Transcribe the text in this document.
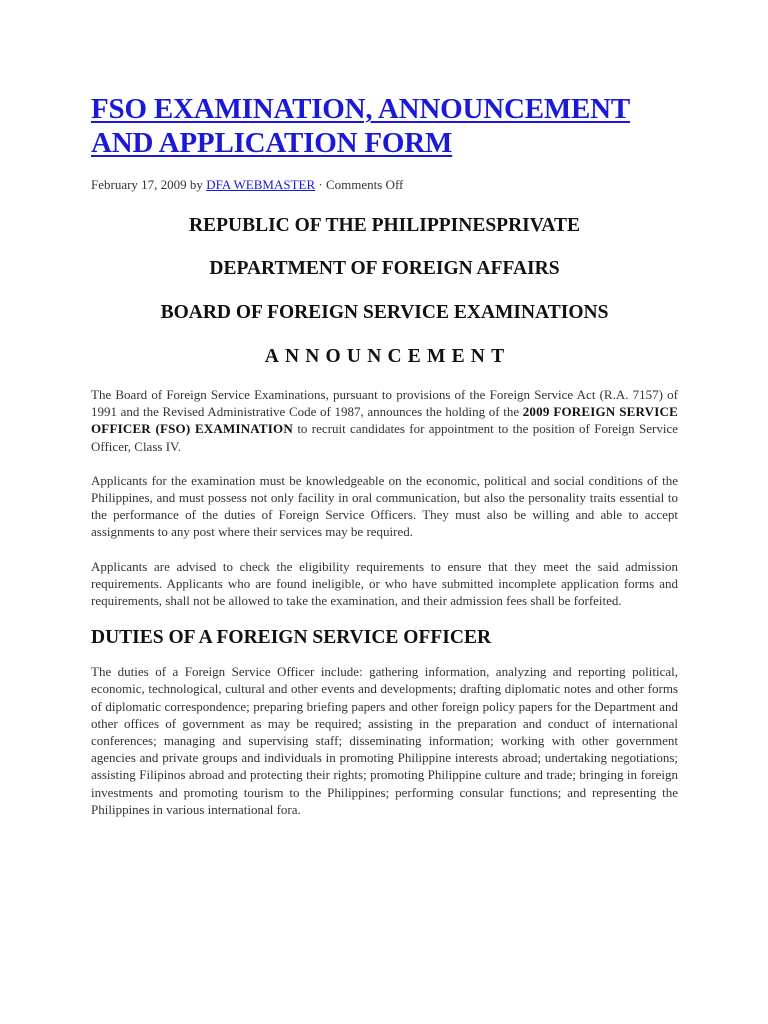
FSO EXAMINATION, ANNOUNCEMENT AND APPLICATION FORM
February 17, 2009 by DFA WEBMASTER · Comments Off

REPUBLIC OF THE PHILIPPINESPRIVATE

DEPARTMENT OF FOREIGN AFFAIRS

BOARD OF FOREIGN SERVICE EXAMINATIONS

ANNOUNCEMENT

The Board of Foreign Service Examinations, pursuant to provisions of the Foreign Service Act (R.A. 7157) of 1991 and the Revised Administrative Code of 1987, announces the holding of the 2009 FOREIGN SERVICE OFFICER (FSO) EXAMINATION to recruit candidates for appointment to the position of Foreign Service Officer, Class IV.

Applicants for the examination must be knowledgeable on the economic, political and social conditions of the Philippines, and must possess not only facility in oral communication, but also the personality traits essential to the performance of the duties of Foreign Service Officers. They must also be willing and able to accept assignments to any post where their services may be required.

Applicants are advised to check the eligibility requirements to ensure that they meet the said admission requirements. Applicants who are found ineligible, or who have submitted incomplete application forms and requirements, shall not be allowed to take the examination, and their admission fees shall be forfeited.

DUTIES OF A FOREIGN SERVICE OFFICER

The duties of a Foreign Service Officer include: gathering information, analyzing and reporting political, economic, technological, cultural and other events and developments; drafting diplomatic notes and other forms of diplomatic correspondence; preparing briefing papers and other foreign policy papers for the Department and other offices of government as may be required; assisting in the preparation and conduct of international conferences; managing and supervising staff; disseminating information; working with other government agencies and private groups and individuals in promoting Philippine interests abroad; undertaking negotiations; assisting Filipinos abroad and protecting their rights; promoting Philippine culture and trade; bringing in foreign investments and promoting tourism to the Philippines; performing consular functions; and representing the Philippines in various international fora.
